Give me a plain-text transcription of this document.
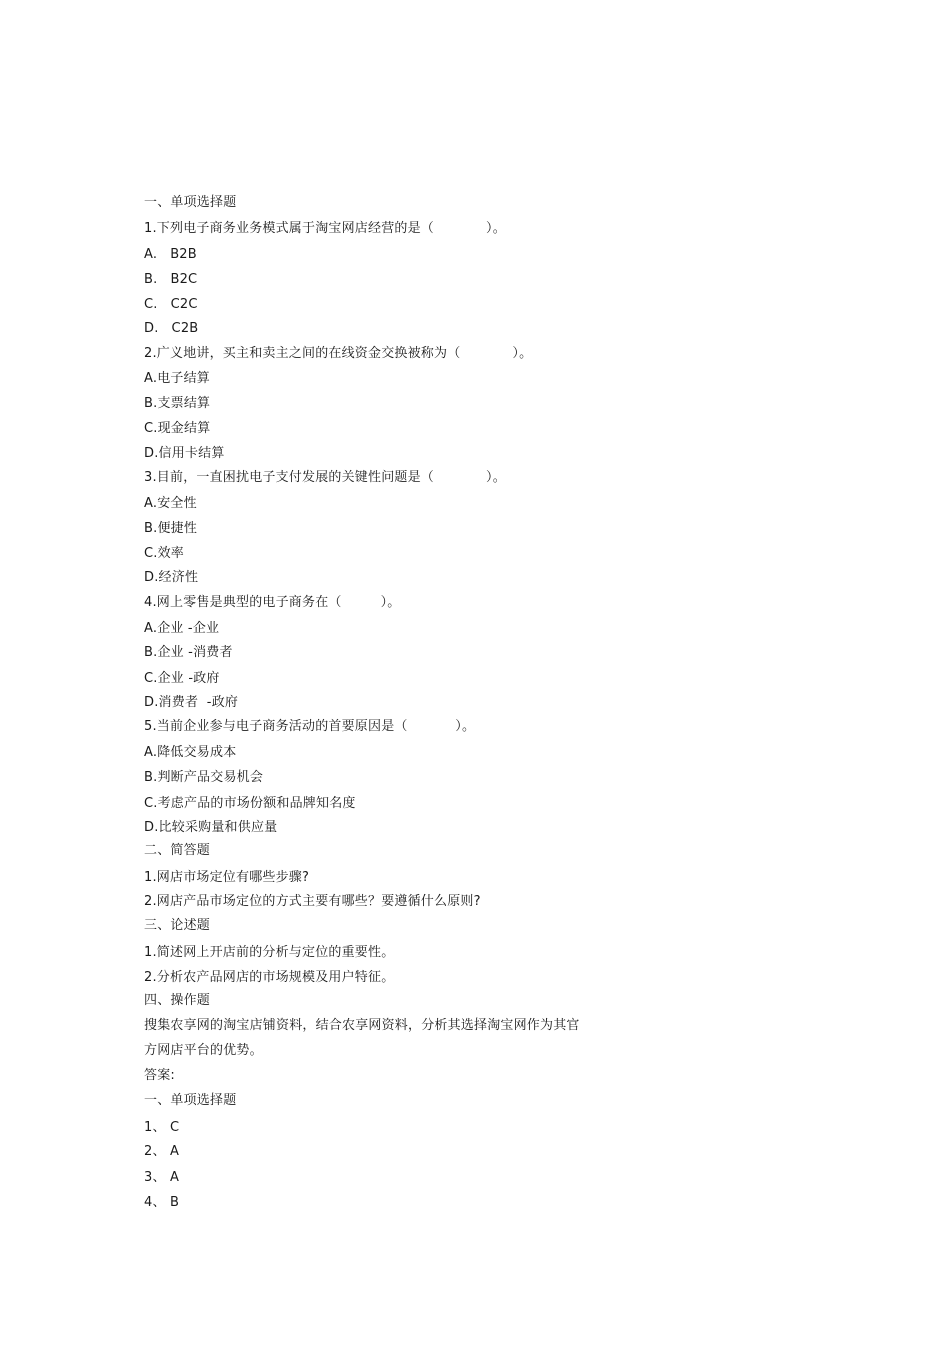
一、单项选择题
1.下列电子商务业务模式属于淘宝网店经营的是（            ）。
A.   B2B
B.   B2C
C.   C2C
D.   C2B
2.广义地讲，买主和卖主之间的在线资金交换被称为（            ）。
A.电子结算
B.支票结算
C.现金结算
D.信用卡结算
3.目前，一直困扰电子支付发展的关键性问题是（            ）。
A.安全性
B.便捷性
C.效率
D.经济性
4.网上零售是典型的电子商务在（         ）。
A.企业 -企业
B.企业 -消费者
C.企业 -政府
D.消费者  -政府
5.当前企业参与电子商务活动的首要原因是（           ）。
A.降低交易成本
B.判断产品交易机会
C.考虑产品的市场份额和品牌知名度
D.比较采购量和供应量
二、简答题
1.网店市场定位有哪些步骤?
2.网店产品市场定位的方式主要有哪些？要遵循什么原则?
三、论述题
1.简述网上开店前的分析与定位的重要性。
2.分析农产品网店的市场规模及用户特征。
四、操作题
搜集农享网的淘宝店铺资料，结合农享网资料，分析其选择淘宝网作为其官
方网店平台的优势。
答案:
一、单项选择题
1、 C
2、 A
3、 A
4、 B
